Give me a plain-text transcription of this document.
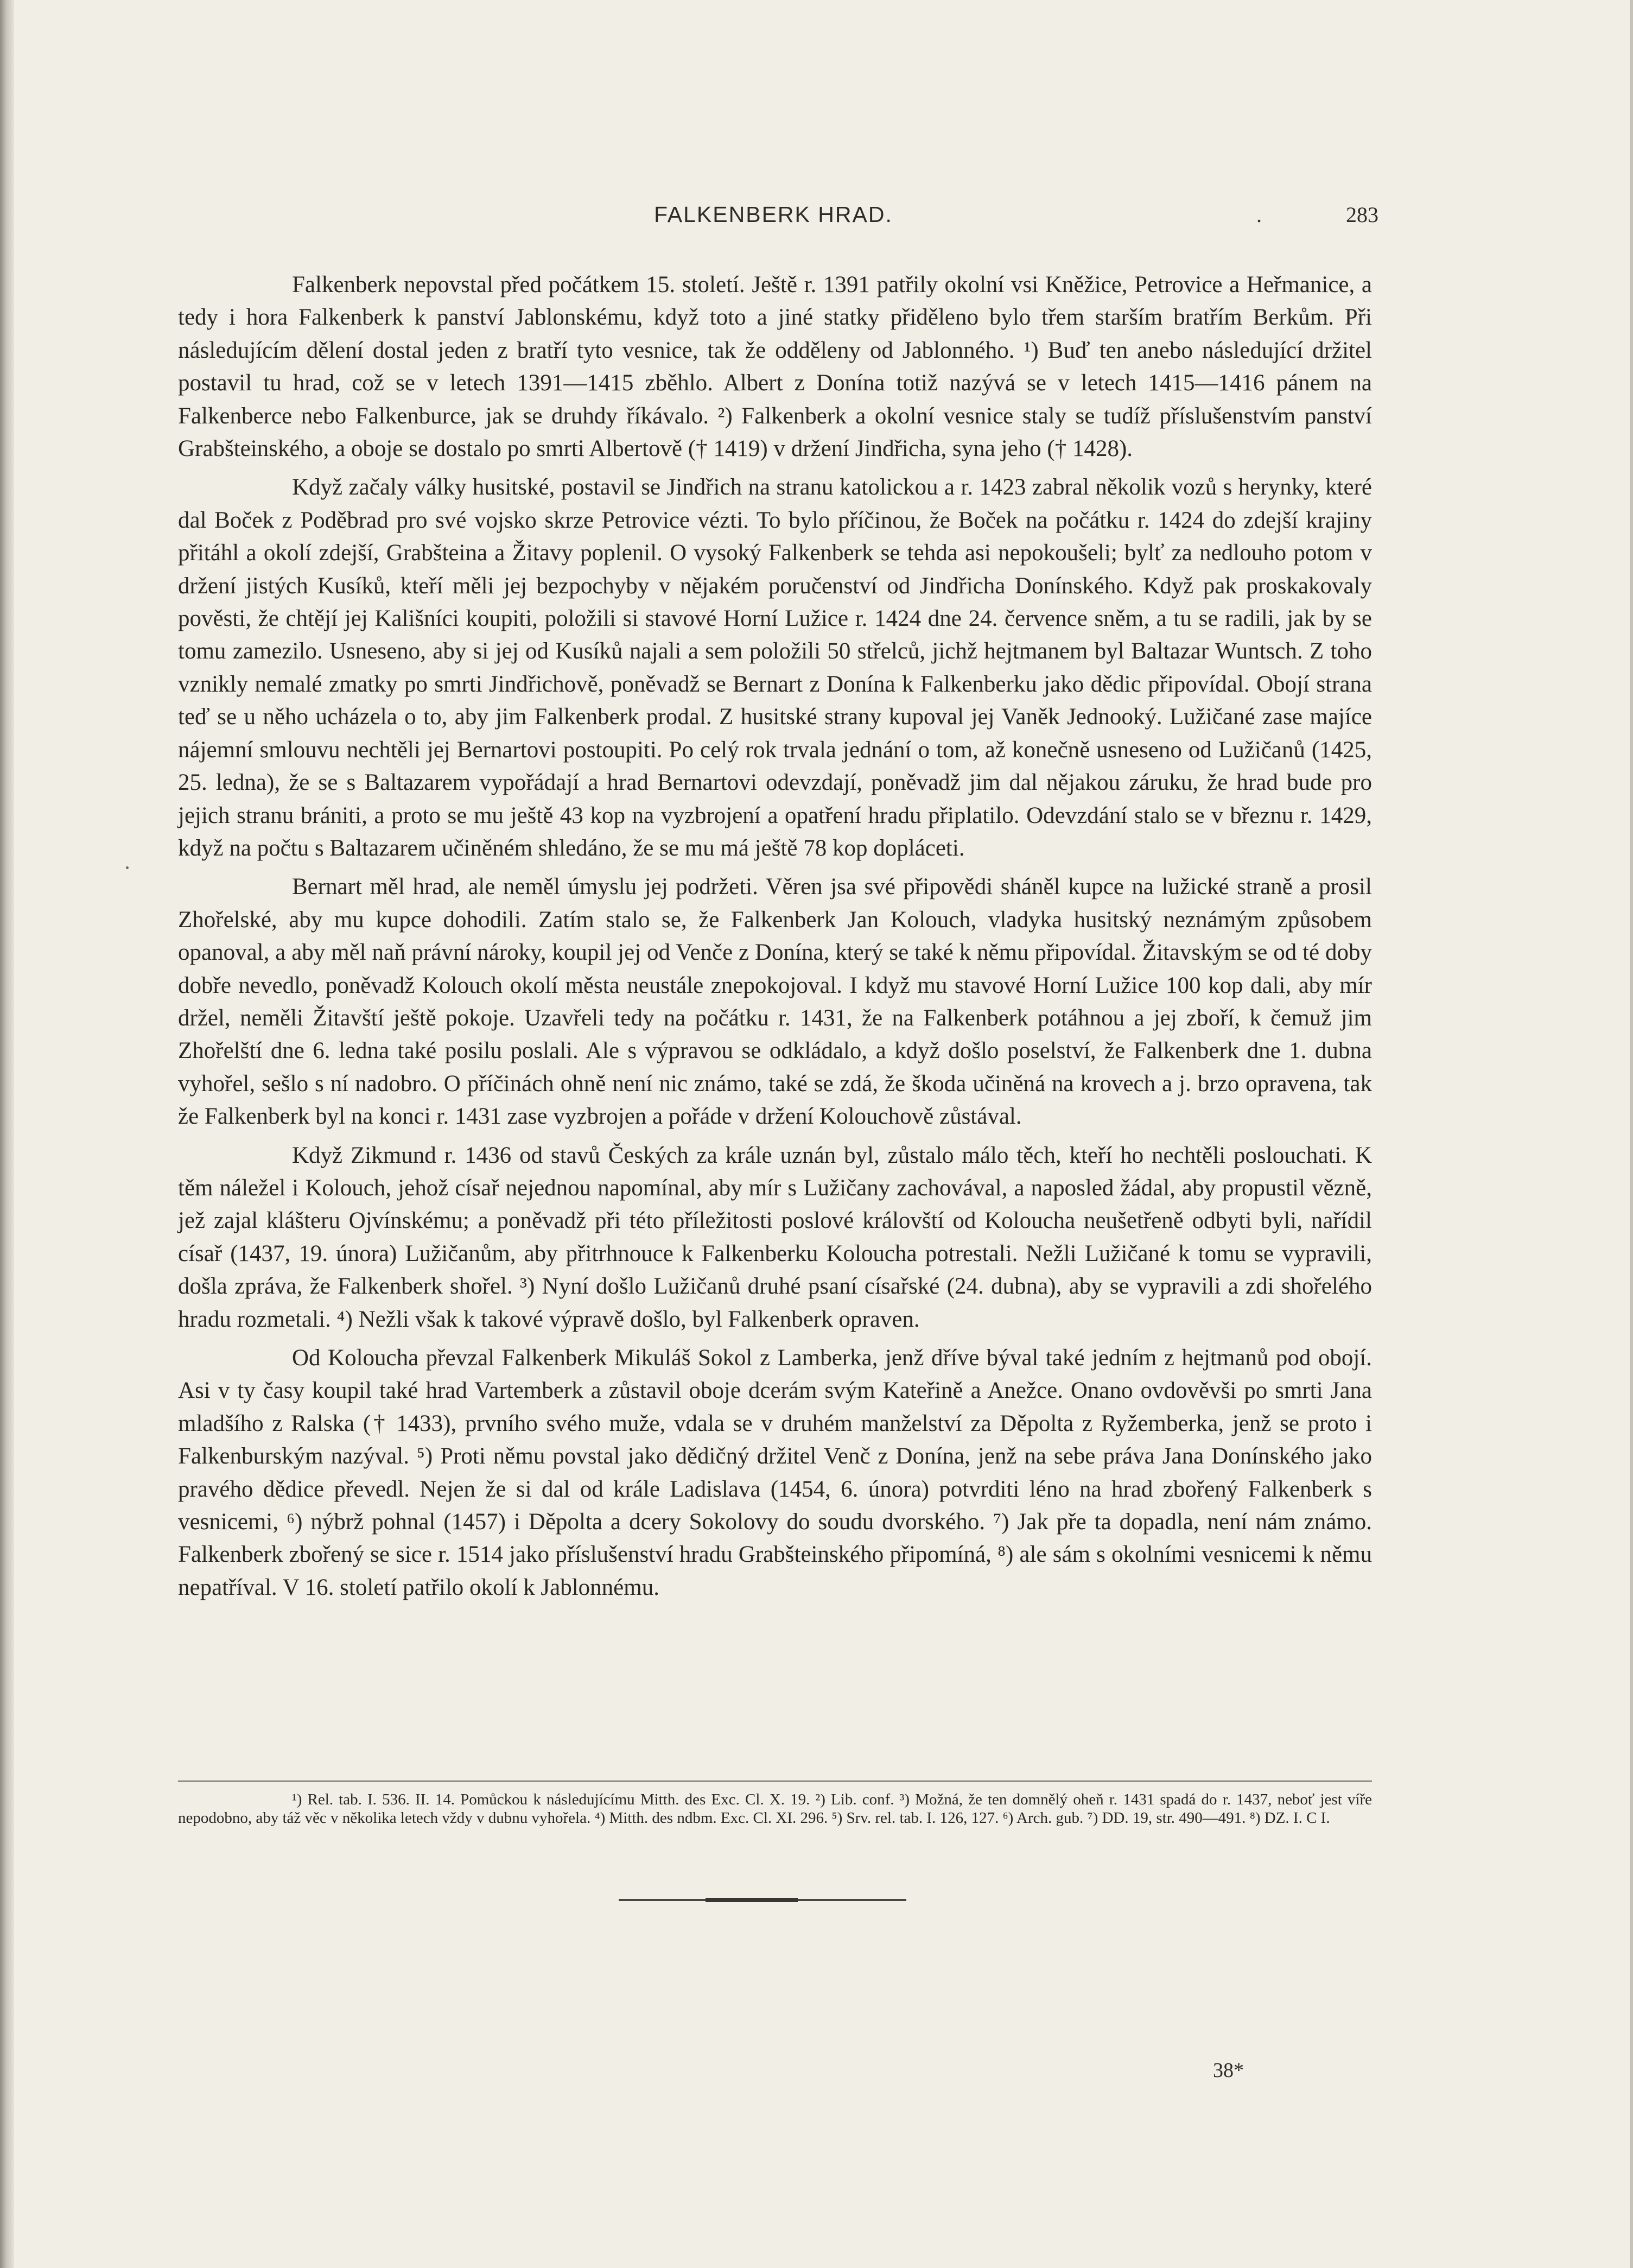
FALKENBERK HRAD.	.	283

Falkenberk nepovstal před počátkem 15. století. Ještě r. 1391 patřily okolní vsi Kněžice, Petrovice a Heřmanice, a tedy i hora Falkenberk k panství Jablonskému, když toto a jiné statky přiděleno bylo třem starším bratřím Berkům. Při následujícím dělení dostal jeden z bratří tyto vesnice, tak že odděleny od Jablonného. ¹) Buď ten anebo následující držitel postavil tu hrad, což se v letech 1391—1415 zběhlo. Albert z Donína totiž nazývá se v letech 1415—1416 pánem na Falkenberce nebo Falkenburce, jak se druhdy říkávalo. ²) Falkenberk a okolní vesnice staly se tudíž příslušenstvím panství Grabšteinského, a oboje se dostalo po smrti Albertově († 1419) v držení Jindřicha, syna jeho († 1428).

Když začaly války husitské, postavil se Jindřich na stranu katolickou a r. 1423 zabral několik vozů s herynky, které dal Boček z Poděbrad pro své vojsko skrze Petrovice vézti. To bylo příčinou, že Boček na počátku r. 1424 do zdejší krajiny přitáhl a okolí zdejší, Grabšteina a Žitavy poplenil. O vysoký Falkenberk se tehda asi nepokoušeli; bylť za nedlouho potom v držení jistých Kusíků, kteří měli jej bezpochyby v nějakém poručenství od Jindřicha Donínského. Když pak proskakovaly pověsti, že chtějí jej Kališníci koupiti, položili si stavové Horní Lužice r. 1424 dne 24. července sněm, a tu se radili, jak by se tomu zamezilo. Usneseno, aby si jej od Kusíků najali a sem položili 50 střelců, jichž hejtmanem byl Baltazar Wuntsch. Z toho vznikly nemalé zmatky po smrti Jindřichově, poněvadž se Bernart z Donína k Falkenberku jako dědic připovídal. Obojí strana teď se u něho ucházela o to, aby jim Falkenberk prodal. Z husitské strany kupoval jej Vaněk Jednooký. Lužičané zase majíce nájemní smlouvu nechtěli jej Bernartovi postoupiti. Po celý rok trvala jednání o tom, až konečně usneseno od Lužičanů (1425, 25. ledna), že se s Baltazarem vypořádají a hrad Bernartovi odevzdají, poněvadž jim dal nějakou záruku, že hrad bude pro jejich stranu brániti, a proto se mu ještě 43 kop na vyzbrojení a opatření hradu připlatilo. Odevzdání stalo se v březnu r. 1429, když na počtu s Baltazarem učiněném shledáno, že se mu má ještě 78 kop dopláceti.

Bernart měl hrad, ale neměl úmyslu jej podržeti. Věren jsa své připovědi sháněl kupce na lužické straně a prosil Zhořelské, aby mu kupce dohodili. Zatím stalo se, že Falkenberk Jan Kolouch, vladyka husitský neznámým způsobem opanoval, a aby měl naň právní nároky, koupil jej od Venče z Donína, který se také k němu připovídal. Žitavským se od té doby dobře nevedlo, poněvadž Kolouch okolí města neustále znepokojoval. I když mu stavové Horní Lužice 100 kop dali, aby mír držel, neměli Žitavští ještě pokoje. Uzavřeli tedy na počátku r. 1431, že na Falkenberk potáhnou a jej zboří, k čemuž jim Zhořelští dne 6. ledna také posilu poslali. Ale s výpravou se odkládalo, a když došlo poselství, že Falkenberk dne 1. dubna vyhořel, sešlo s ní nadobro. O příčinách ohně není nic známo, také se zdá, že škoda učiněná na krovech a j. brzo opravena, tak že Falkenberk byl na konci r. 1431 zase vyzbrojen a pořáde v držení Kolouchově zůstával.

Když Zikmund r. 1436 od stavů Českých za krále uznán byl, zůstalo málo těch, kteří ho nechtěli poslouchati. K těm náležel i Kolouch, jehož císař nejednou napomínal, aby mír s Lužičany zachovával, a naposled žádal, aby propustil vězně, jež zajal klášteru Ojvínskému; a poněvadž při této příležitosti poslové královští od Koloucha neušetřeně odbyti byli, nařídil císař (1437, 19. února) Lužičanům, aby přitrhnouce k Falkenberku Kolouchа potrestali. Nežli Lužičané k tomu se vypravili, došla zpráva, že Falkenberk shořel. ³) Nyní došlo Lužičanů druhé psaní císařské (24. dubna), aby se vypravili a zdi shořelého hradu rozmetali. ⁴) Nežli však k takové výpravě došlo, byl Falkenberk opraven.

Od Kolouchа převzal Falkenberk Mikuláš Sokol z Lamberka, jenž dříve býval také jedním z hejtmanů pod obojí. Asi v ty časy koupil také hrad Vartemberk a zůstavil oboje dcerám svým Kateřině a Anežce. Onano ovdověvši po smrti Jana mladšího z Ralska († 1433), prvního svého muže, vdala se v druhém manželství za Děpolta z Ryžemberka, jenž se proto i Falkenburským nazýval. ⁵) Proti němu povstal jako dědičný držitel Venč z Donína, jenž na sebe práva Jana Donínského jako pravého dědice převedl. Nejen že si dal od krále Ladislava (1454, 6. února) potvrditi léno na hrad zbořený Falkenberk s vesnicemi, ⁶) nýbrž pohnal (1457) i Děpolta a dcery Sokolovy do soudu dvorského. ⁷) Jak pře ta dopadla, není nám známo. Falkenberk zbořený se sice r. 1514 jako příslušenství hradu Grabšteinského připomíná, ⁸) ale sám s okolními vesnicemi k němu nepatříval. V 16. století patřilo okolí k Jablonnému.

¹) Rel. tab. I. 536. II. 14. Pomůckou k následujícímu Mitth. des Exc. Cl. X. 19. ²) Lib. conf. ³) Možná, že ten domnělý oheň r. 1431 spadá do r. 1437, neboť jest víře nepodobno, aby táž věc v několika letech vždy v dubnu vyhořela. ⁴) Mitth. des ndbm. Exc. Cl. XI. 296. ⁵) Srv. rel. tab. I. 126, 127. ⁶) Arch. gub. ⁷) DD. 19, str. 490—491. ⁸) DZ. I. C I.

38*
